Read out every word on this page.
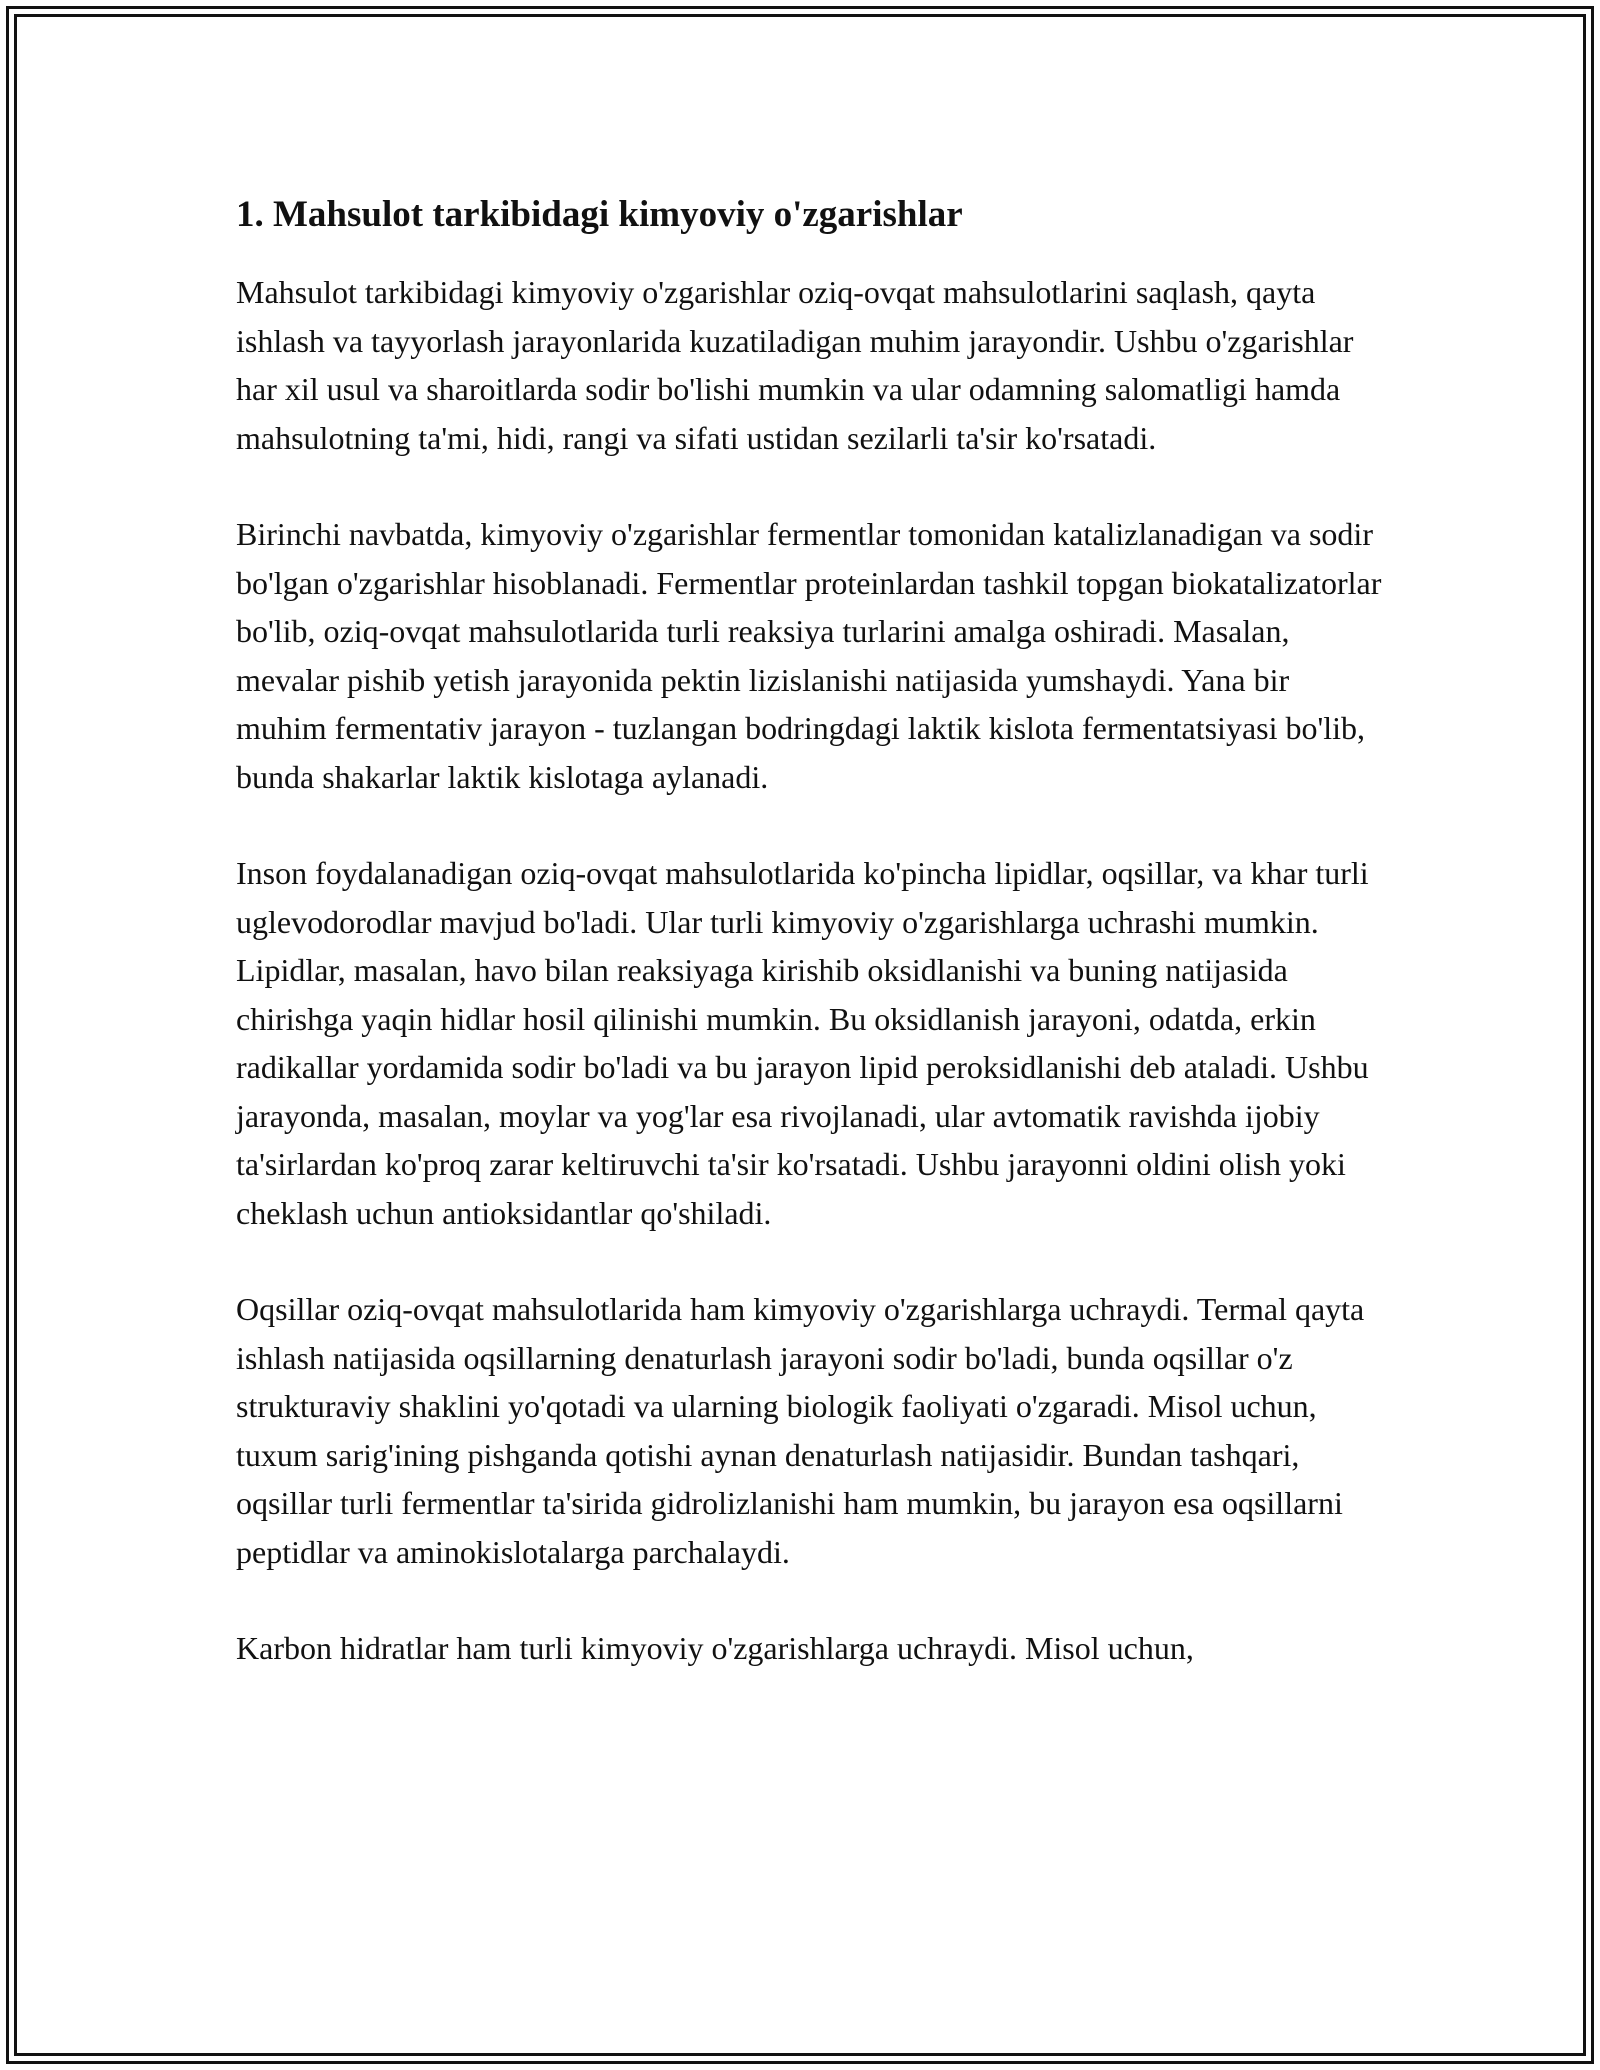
1. Mahsulot tarkibidagi kimyoviy o'zgarishlar

Mahsulot tarkibidagi kimyoviy o'zgarishlar oziq-ovqat mahsulotlarini saqlash, qayta ishlash va tayyorlash jarayonlarida kuzatiladigan muhim jarayondir. Ushbu o'zgarishlar har xil usul va sharoitlarda sodir bo'lishi mumkin va ular odamning salomatligi hamda mahsulotning ta'mi, hidi, rangi va sifati ustidan sezilarli ta'sir ko'rsatadi.

Birinchi navbatda, kimyoviy o'zgarishlar fermentlar tomonidan katalizlanadigan va sodir bo'lgan o'zgarishlar hisoblanadi. Fermentlar proteinlardan tashkil topgan biokatalizatorlar bo'lib, oziq-ovqat mahsulotlarida turli reaksiya turlarini amalga oshiradi. Masalan, mevalar pishib yetish jarayonida pektin lizislanishi natijasida yumshaydi. Yana bir muhim fermentativ jarayon - tuzlangan bodringdagi laktik kislota fermentatsiyasi bo'lib, bunda shakarlar laktik kislotaga aylanadi.

Inson foydalanadigan oziq-ovqat mahsulotlarida ko'pincha lipidlar, oqsillar, va khar turli uglevodorodlar mavjud bo'ladi. Ular turli kimyoviy o'zgarishlarga uchrashi mumkin. Lipidlar, masalan, havo bilan reaksiyaga kirishib oksidlanishi va buning natijasida chirishga yaqin hidlar hosil qilinishi mumkin. Bu oksidlanish jarayoni, odatda, erkin radikallar yordamida sodir bo'ladi va bu jarayon lipid peroksidlanishi deb ataladi. Ushbu jarayonda, masalan, moylar va yog'lar esa rivojlanadi, ular avtomatik ravishda ijobiy ta'sirlardan ko'proq zarar keltiruvchi ta'sir ko'rsatadi. Ushbu jarayonni oldini olish yoki cheklash uchun antioksidantlar qo'shiladi.

Oqsillar oziq-ovqat mahsulotlarida ham kimyoviy o'zgarishlarga uchraydi. Termal qayta ishlash natijasida oqsillarning denaturlash jarayoni sodir bo'ladi, bunda oqsillar o'z strukturaviy shaklini yo'qotadi va ularning biologik faoliyati o'zgaradi. Misol uchun, tuxum sarig'ining pishganda qotishi aynan denaturlash natijasidir. Bundan tashqari, oqsillar turli fermentlar ta'sirida gidrolizlanishi ham mumkin, bu jarayon esa oqsillarni peptidlar va aminokislotalarga parchalaydi.

Karbon hidratlar ham turli kimyoviy o'zgarishlarga uchraydi. Misol uchun,
